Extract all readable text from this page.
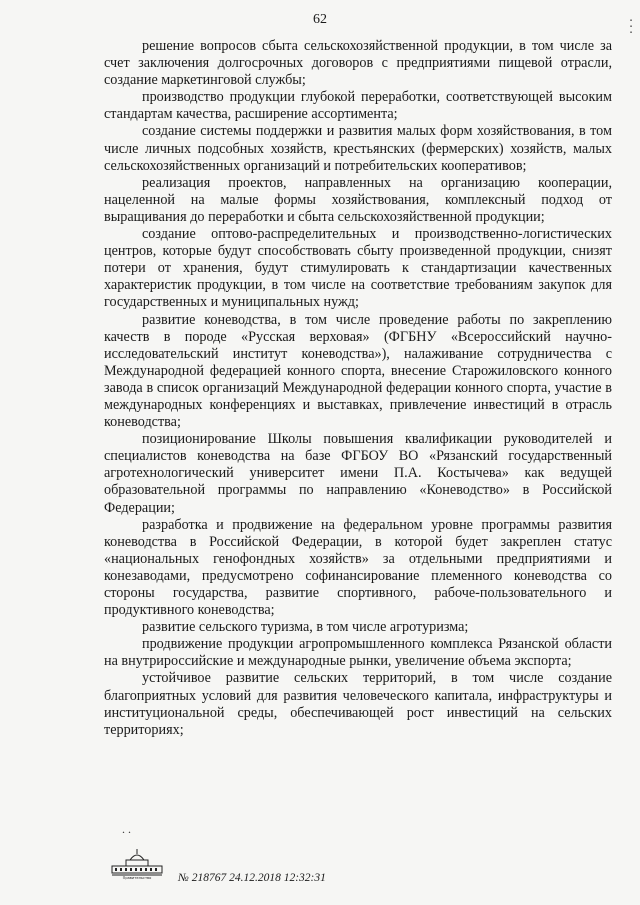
▪▪▪
62

решение вопросов сбыта сельскохозяйственной продукции, в том числе за счет заключения долгосрочных договоров с предприятиями пищевой отрасли, создание маркетинговой службы;

производство продукции глубокой переработки, соответствующей высоким стандартам качества, расширение ассортимента;

создание системы поддержки и развития малых форм хозяйствования, в том числе личных подсобных хозяйств, крестьянских (фермерских) хозяйств, малых сельскохозяйственных организаций и потребительских кооперативов;

реализация проектов, направленных на организацию кооперации, нацеленной на малые формы хозяйствования, комплексный подход от выращивания до переработки и сбыта сельскохозяйственной продукции;

создание оптово-распределительных и производственно-логистических центров, которые будут способствовать сбыту произведенной продукции, снизят потери от хранения, будут стимулировать к стандартизации качественных характеристик продукции, в том числе на соответствие требованиям закупок для государственных и муниципальных нужд;

развитие коневодства, в том числе проведение работы по закреплению качеств в породе «Русская верховая» (ФГБНУ «Всероссийский научно-исследовательский институт коневодства»), налаживание сотрудничества с Международной федерацией конного спорта, внесение Старожиловского конного завода в список организаций Международной федерации конного спорта, участие в международных конференциях и выставках, привлечение инвестиций в отрасль коневодства;

позиционирование Школы повышения квалификации руководителей и специалистов коневодства на базе ФГБОУ ВО «Рязанский государственный агротехнологический университет имени П.А. Костычева» как ведущей образовательной программы по направлению «Коневодство» в Российской Федерации;

разработка и продвижение на федеральном уровне программы развития коневодства в Российской Федерации, в которой будет закреплен статус «национальных генофондных хозяйств» за отдельными предприятиями и конезаводами, предусмотрено софинансирование племенного коневодства со стороны государства, развитие спортивного, рабоче-пользовательного и продуктивного коневодства;

развитие сельского туризма, в том числе агротуризма;

продвижение продукции агропромышленного комплекса Рязанской области на внутрироссийские и международные рынки, увеличение объема экспорта;

устойчивое развитие сельских территорий, в том числе создание благоприятных условий для развития человеческого капитала, инфраструктуры и институциональной среды, обеспечивающей рост инвестиций на сельских территориях;

. .
Правительство № 218767 24.12.2018 12:32:31
